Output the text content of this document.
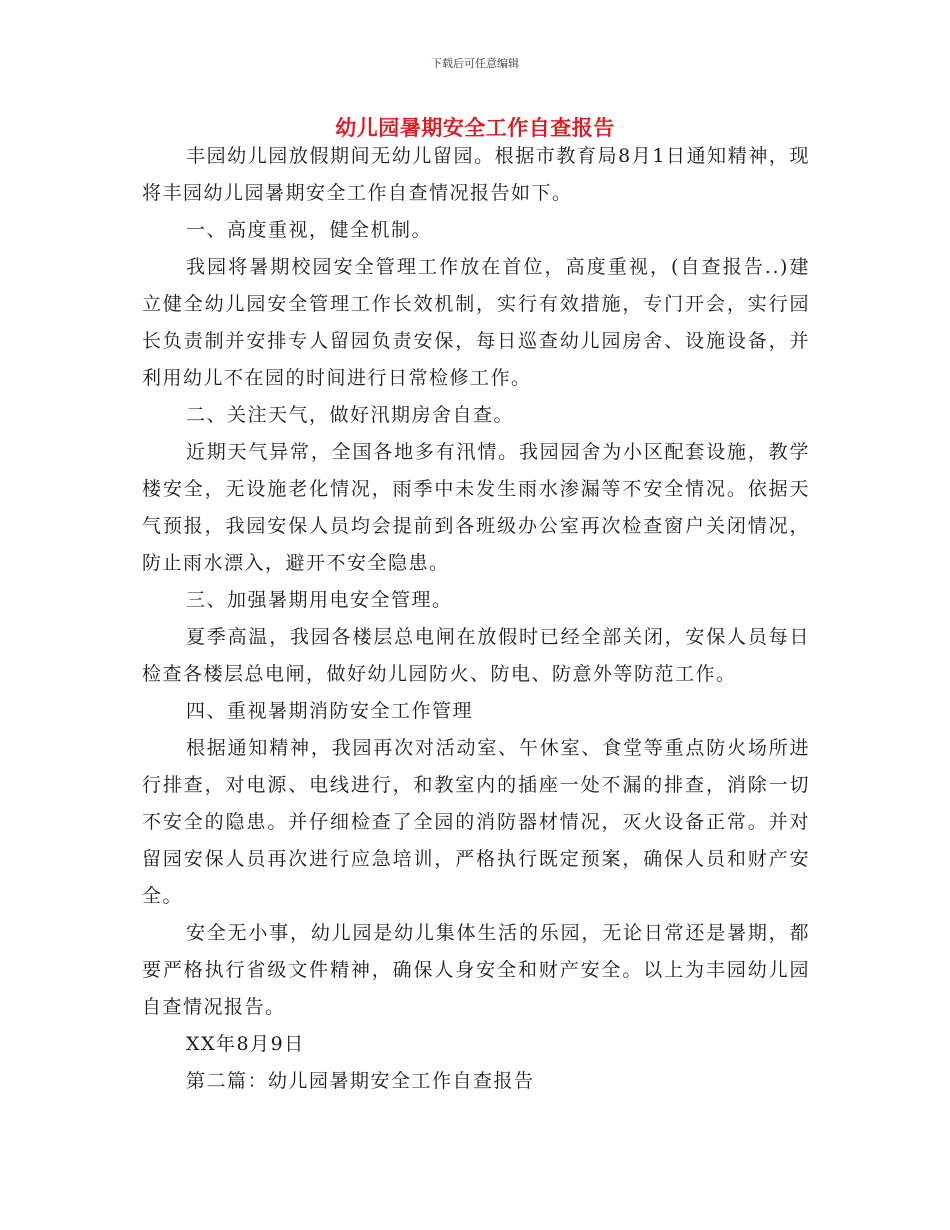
下载后可任意编辑
幼儿园暑期安全工作自查报告

丰园幼儿园放假期间无幼儿留园。根据市教育局8月1日通知精神，现将丰园幼儿园暑期安全工作自查情况报告如下。

一、高度重视，健全机制。

我园将暑期校园安全管理工作放在首位，高度重视，(自查报告..)建立健全幼儿园安全管理工作长效机制，实行有效措施，专门开会，实行园长负责制并安排专人留园负责安保，每日巡查幼儿园房舍、设施设备，并利用幼儿不在园的时间进行日常检修工作。

二、关注天气，做好汛期房舍自查。

近期天气异常，全国各地多有汛情。我园园舍为小区配套设施，教学楼安全，无设施老化情况，雨季中未发生雨水渗漏等不安全情况。依据天气预报，我园安保人员均会提前到各班级办公室再次检查窗户关闭情况，防止雨水漂入，避开不安全隐患。

三、加强暑期用电安全管理。

夏季高温，我园各楼层总电闸在放假时已经全部关闭，安保人员每日检查各楼层总电闸，做好幼儿园防火、防电、防意外等防范工作。

四、重视暑期消防安全工作管理

根据通知精神，我园再次对活动室、午休室、食堂等重点防火场所进行排查，对电源、电线进行，和教室内的插座一处不漏的排查，消除一切不安全的隐患。并仔细检查了全园的消防器材情况，灭火设备正常。并对留园安保人员再次进行应急培训，严格执行既定预案，确保人员和财产安全。

安全无小事，幼儿园是幼儿集体生活的乐园，无论日常还是暑期，都要严格执行省级文件精神，确保人身安全和财产安全。以上为丰园幼儿园自查情况报告。

XX年8月9日

第二篇：幼儿园暑期安全工作自查报告
